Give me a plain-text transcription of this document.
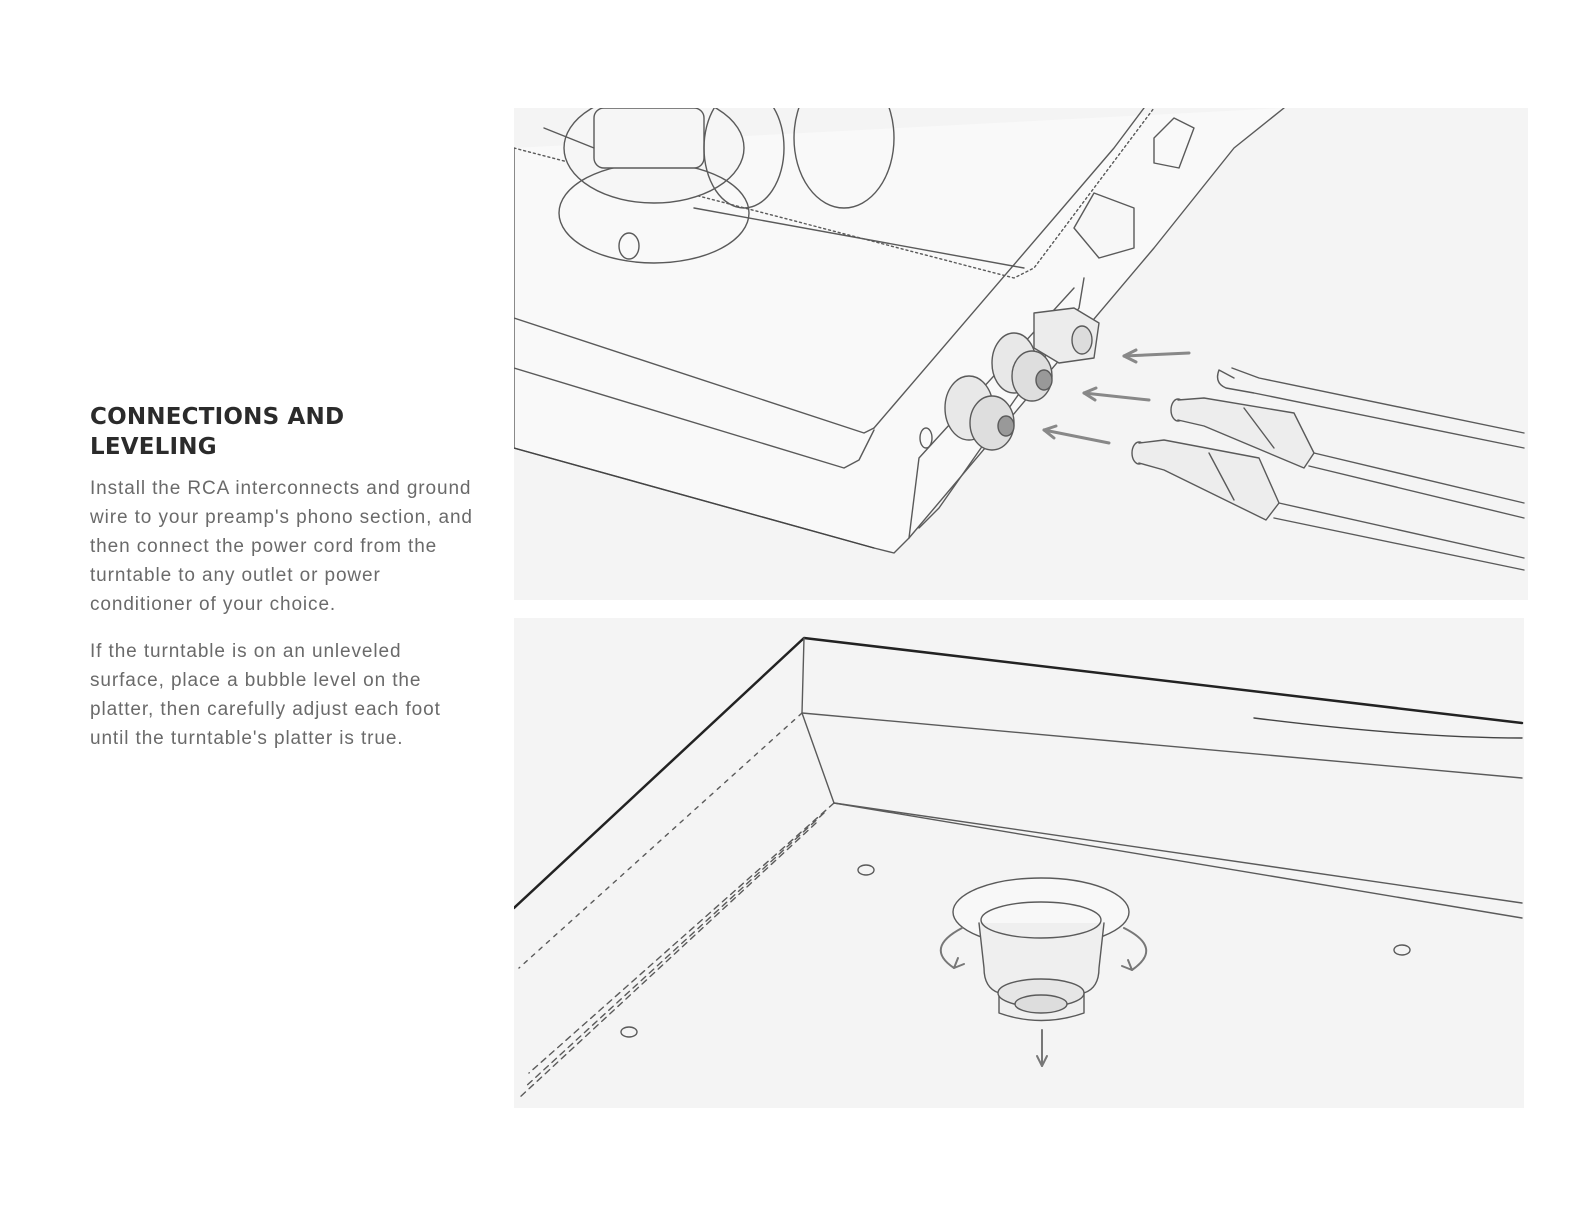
CONNECTIONS AND LEVELING

Install the RCA interconnects and ground wire to your preamp's phono section, and then connect the power cord from the turntable to any outlet or power conditioner of your choice.

If the turntable is on an unleveled surface, place a bubble level on the platter, then carefully adjust each foot until the turntable's platter is true.
